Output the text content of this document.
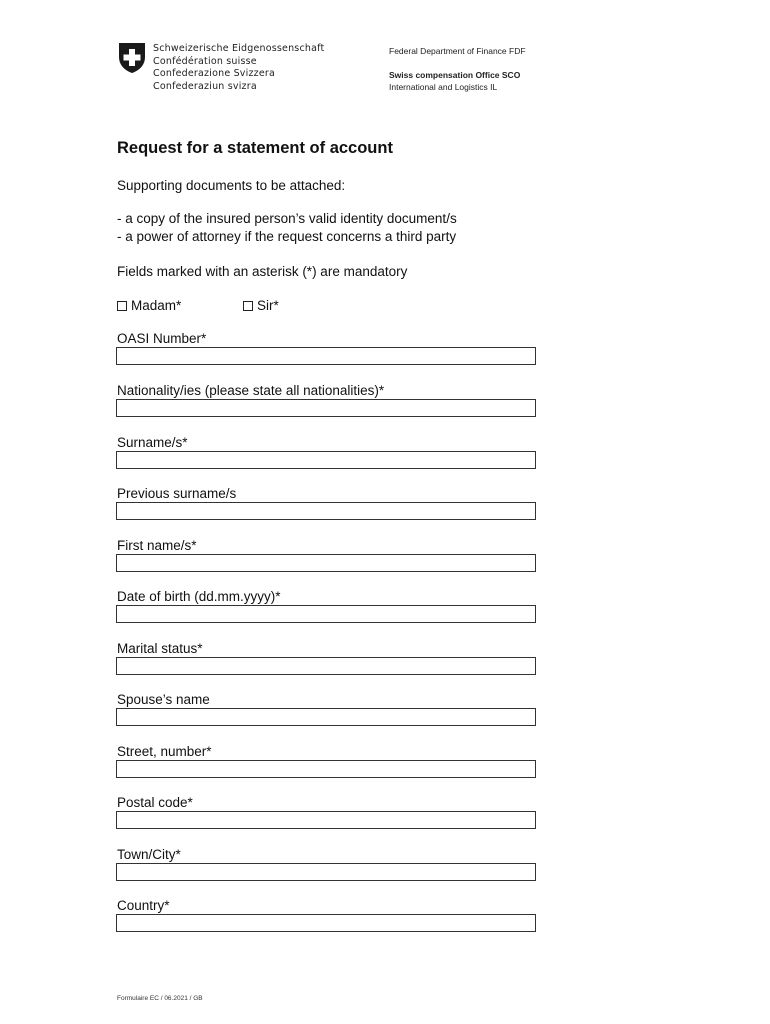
Schweizerische Eidgenossenschaft
Confédération suisse
Confederazione Svizzera
Confederaziun svizra
Federal Department of Finance FDF
Swiss compensation Office SCO
International and Logistics IL
Request for a statement of account
Supporting documents to be attached:
- a copy of the insured person’s valid identity document/s
- a power of attorney if the request concerns a third party
Fields marked with an asterisk (*) are mandatory
Madam*	Sir*
OASI Number*
Nationality/ies (please state all nationalities)*
Surname/s*
Previous surname/s
First name/s*
Date of birth (dd.mm.yyyy)*
Marital status*
Spouse’s name
Street, number*
Postal code*
Town/City*
Country*
Formulaire EC / 06.2021 / GB
